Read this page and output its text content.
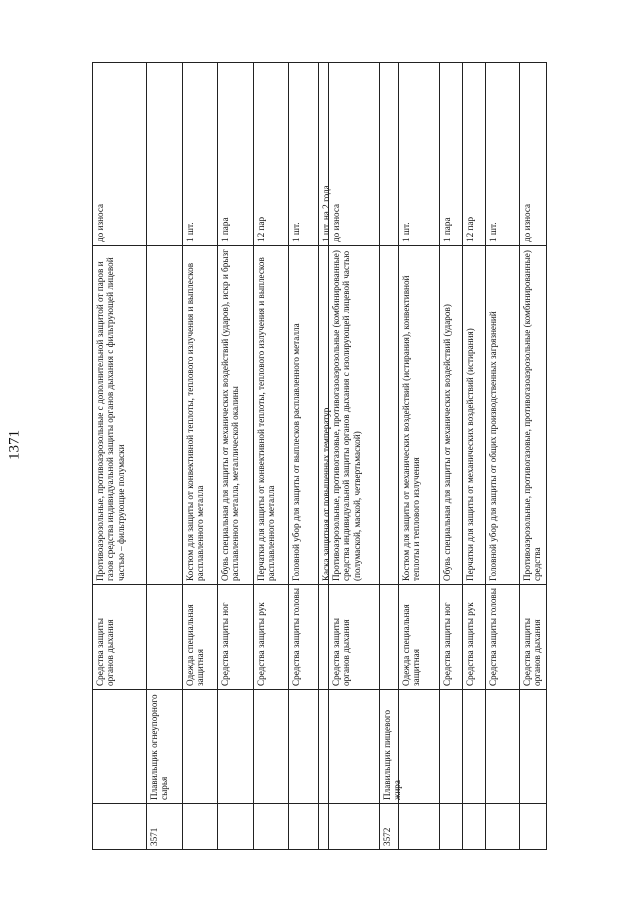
1371
Средства защиты органов дыхания
Противоаэрозольные, противоаэрозольные с дополнительной защитой от паров и газов средства индивидуальной защиты органов дыхания с фильтрующей лицевой частью – фильтрующие полумаски
до износа
3571
Плавильщик огнеупорного сырья
Одежда специальная защитная
Костюм для защиты от конвективной теплоты, теплового излучения и выплесков расплавленного металла
1 шт.
Средства защиты ног
Обувь специальная для защиты от механических воздействий (ударов), искр и брызг расплавленного металла, металлической окалины
1 пара
Средства защиты рук
Перчатки для защиты от конвективной теплоты, теплового излучения и выплесков расплавленного металла
12 пар
Средства защиты головы
Головной убор для защиты от выплесков расплавленного металла
1 шт.
Каска защитная от повышенных температур
1 шт. на 2 года
Средства защиты органов дыхания
Противоаэрозольные, противогазовые, противогазоаэрозольные (комбинированные) средства индивидуальной защиты органов дыхания с изолирующей лицевой частью (полумаской, маской, четвертьмаской)
до износа
3572
Плавильщик пищевого жира
Одежда специальная защитная
Костюм для защиты от механических воздействий (истирания), конвективной теплоты и теплового излучения
1 шт.
Средства защиты ног
Обувь специальная для защиты от механических воздействий (ударов)
1 пара
Средства защиты рук
Перчатки для защиты от механических воздействий (истирания)
12 пар
Средства защиты головы
Головной убор для защиты от общих производственных загрязнений
1 шт.
Средства защиты органов дыхания
Противоаэрозольные, противогазовые, противогазоаэрозольные (комбинированные) средства
до износа
